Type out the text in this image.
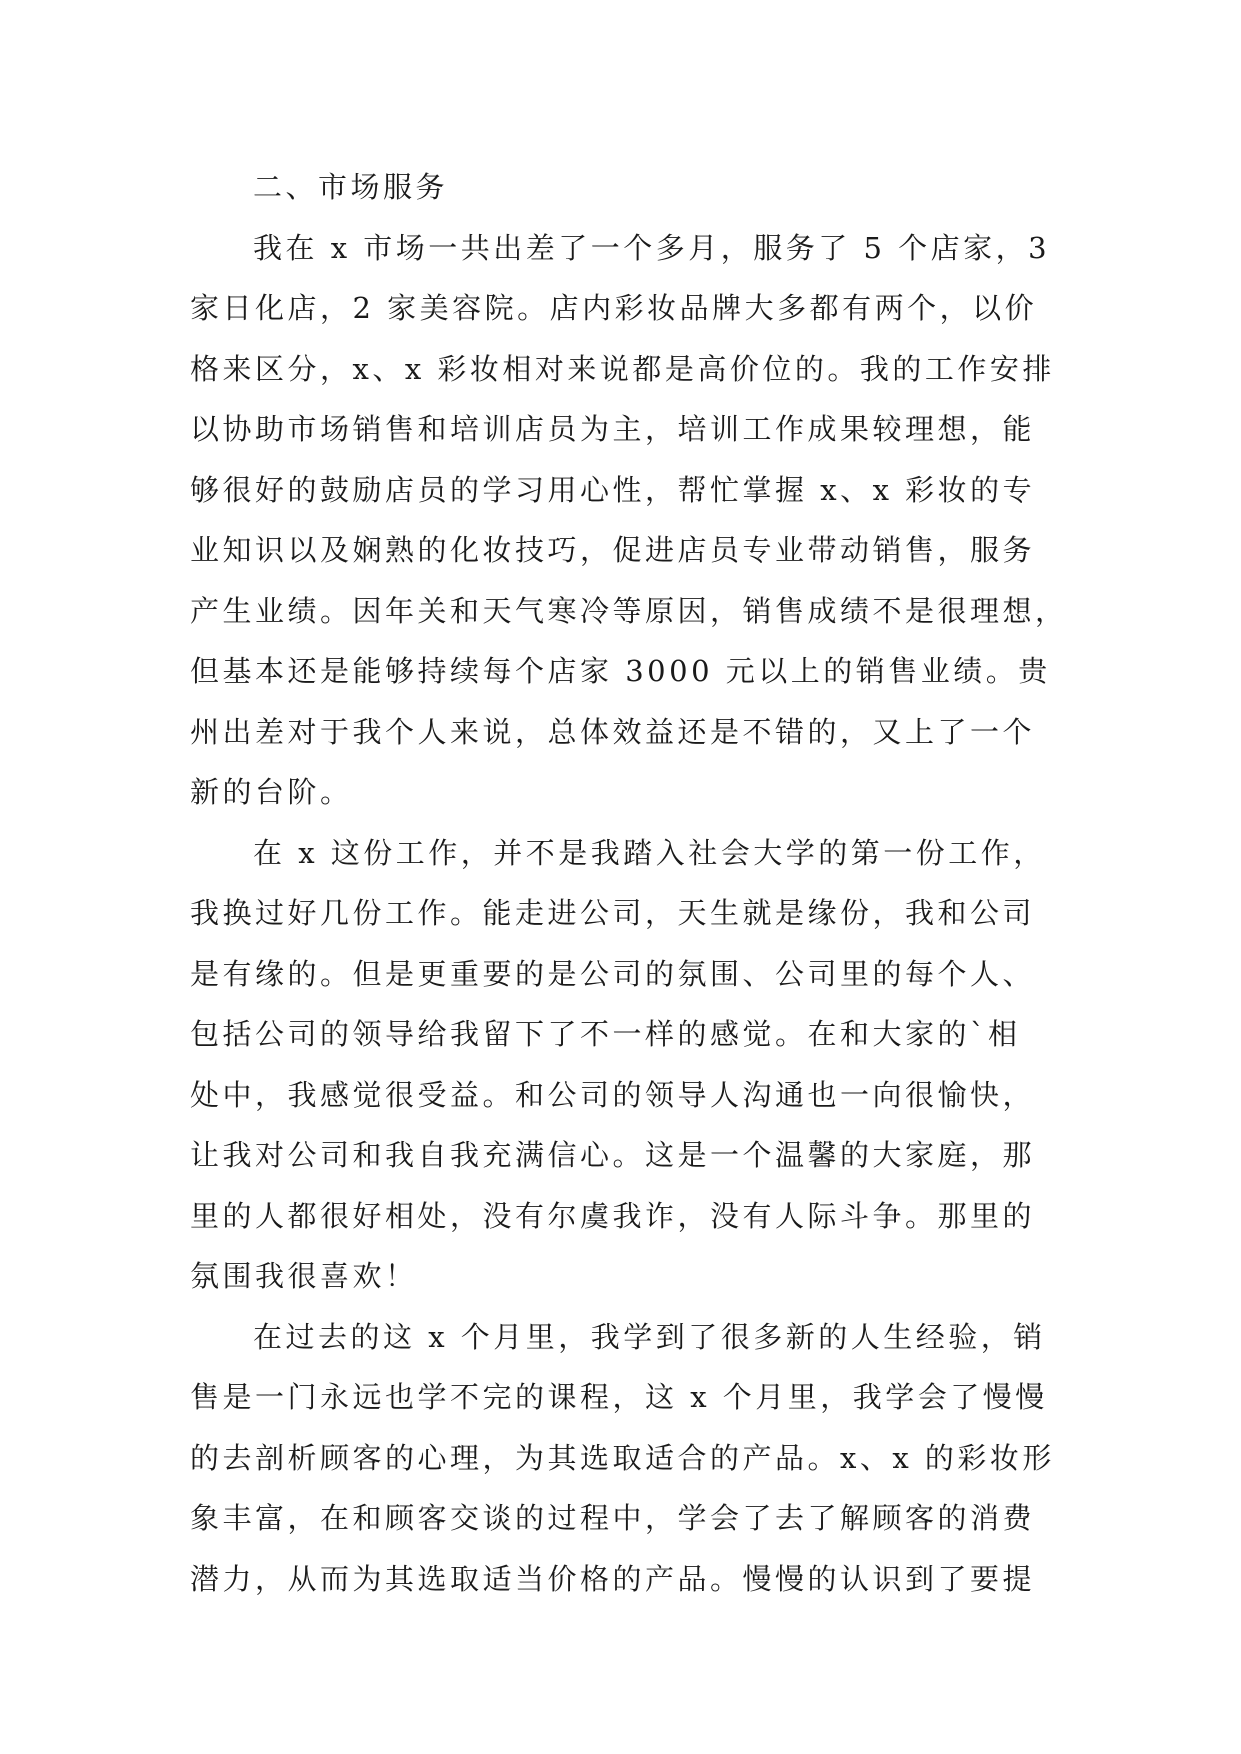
二、市场服务
我在 x 市场一共出差了一个多月，服务了 5 个店家，3
家日化店，2 家美容院。店内彩妆品牌大多都有两个，以价
格来区分，x、x 彩妆相对来说都是高价位的。我的工作安排
以协助市场销售和培训店员为主，培训工作成果较理想，能
够很好的鼓励店员的学习用心性，帮忙掌握 x、x 彩妆的专
业知识以及娴熟的化妆技巧，促进店员专业带动销售，服务
产生业绩。因年关和天气寒冷等原因，销售成绩不是很理想，
但基本还是能够持续每个店家 3000 元以上的销售业绩。贵
州出差对于我个人来说，总体效益还是不错的，又上了一个
新的台阶。
在 x 这份工作，并不是我踏入社会大学的第一份工作，
我换过好几份工作。能走进公司，天生就是缘份，我和公司
是有缘的。但是更重要的是公司的氛围、公司里的每个人、
包括公司的领导给我留下了不一样的感觉。在和大家的`相
处中，我感觉很受益。和公司的领导人沟通也一向很愉快，
让我对公司和我自我充满信心。这是一个温馨的大家庭，那
里的人都很好相处，没有尔虞我诈，没有人际斗争。那里的
氛围我很喜欢！
在过去的这 x 个月里，我学到了很多新的人生经验，销
售是一门永远也学不完的课程，这 x 个月里，我学会了慢慢
的去剖析顾客的心理，为其选取适合的产品。x、x 的彩妆形
象丰富，在和顾客交谈的过程中，学会了去了解顾客的消费
潜力，从而为其选取适当价格的产品。慢慢的认识到了要提
